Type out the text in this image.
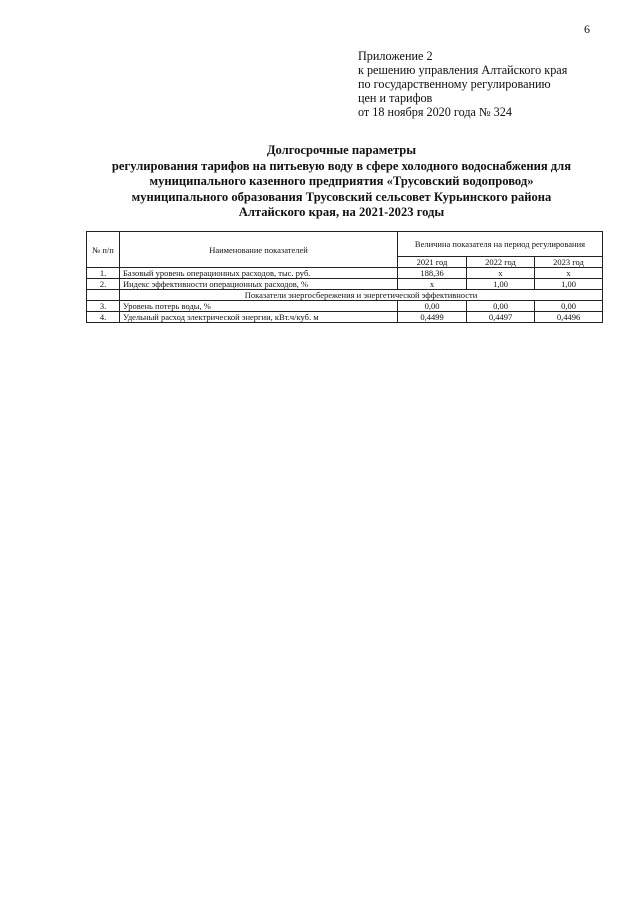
6
Приложение 2
к решению управления Алтайского края
по государственному регулированию
цен и тарифов
от 18 ноября 2020 года № 324
Долгосрочные параметры
регулирования тарифов на питьевую воду в сфере холодного водоснабжения для
муниципального казенного предприятия «Трусовский водопровод»
муниципального образования Трусовский сельсовет Курьинского района
Алтайского края, на 2021-2023 годы
№ п/п	Наименование показателей	Величина показателя на период регулирования		
		2021 год	2022 год	2023 год
1.	Базовый уровень операционных расходов, тыс. руб.	188,36	х	х
2.	Индекс эффективности операционных расходов, %	х	1,00	1,00
	Показатели энергосбережения и энергетической эффективности			
3.	Уровень потерь воды, %	0,00	0,00	0,00
4.	Удельный расход электрической энергии, кВт.ч/куб. м	0,4499	0,4497	0,4496
